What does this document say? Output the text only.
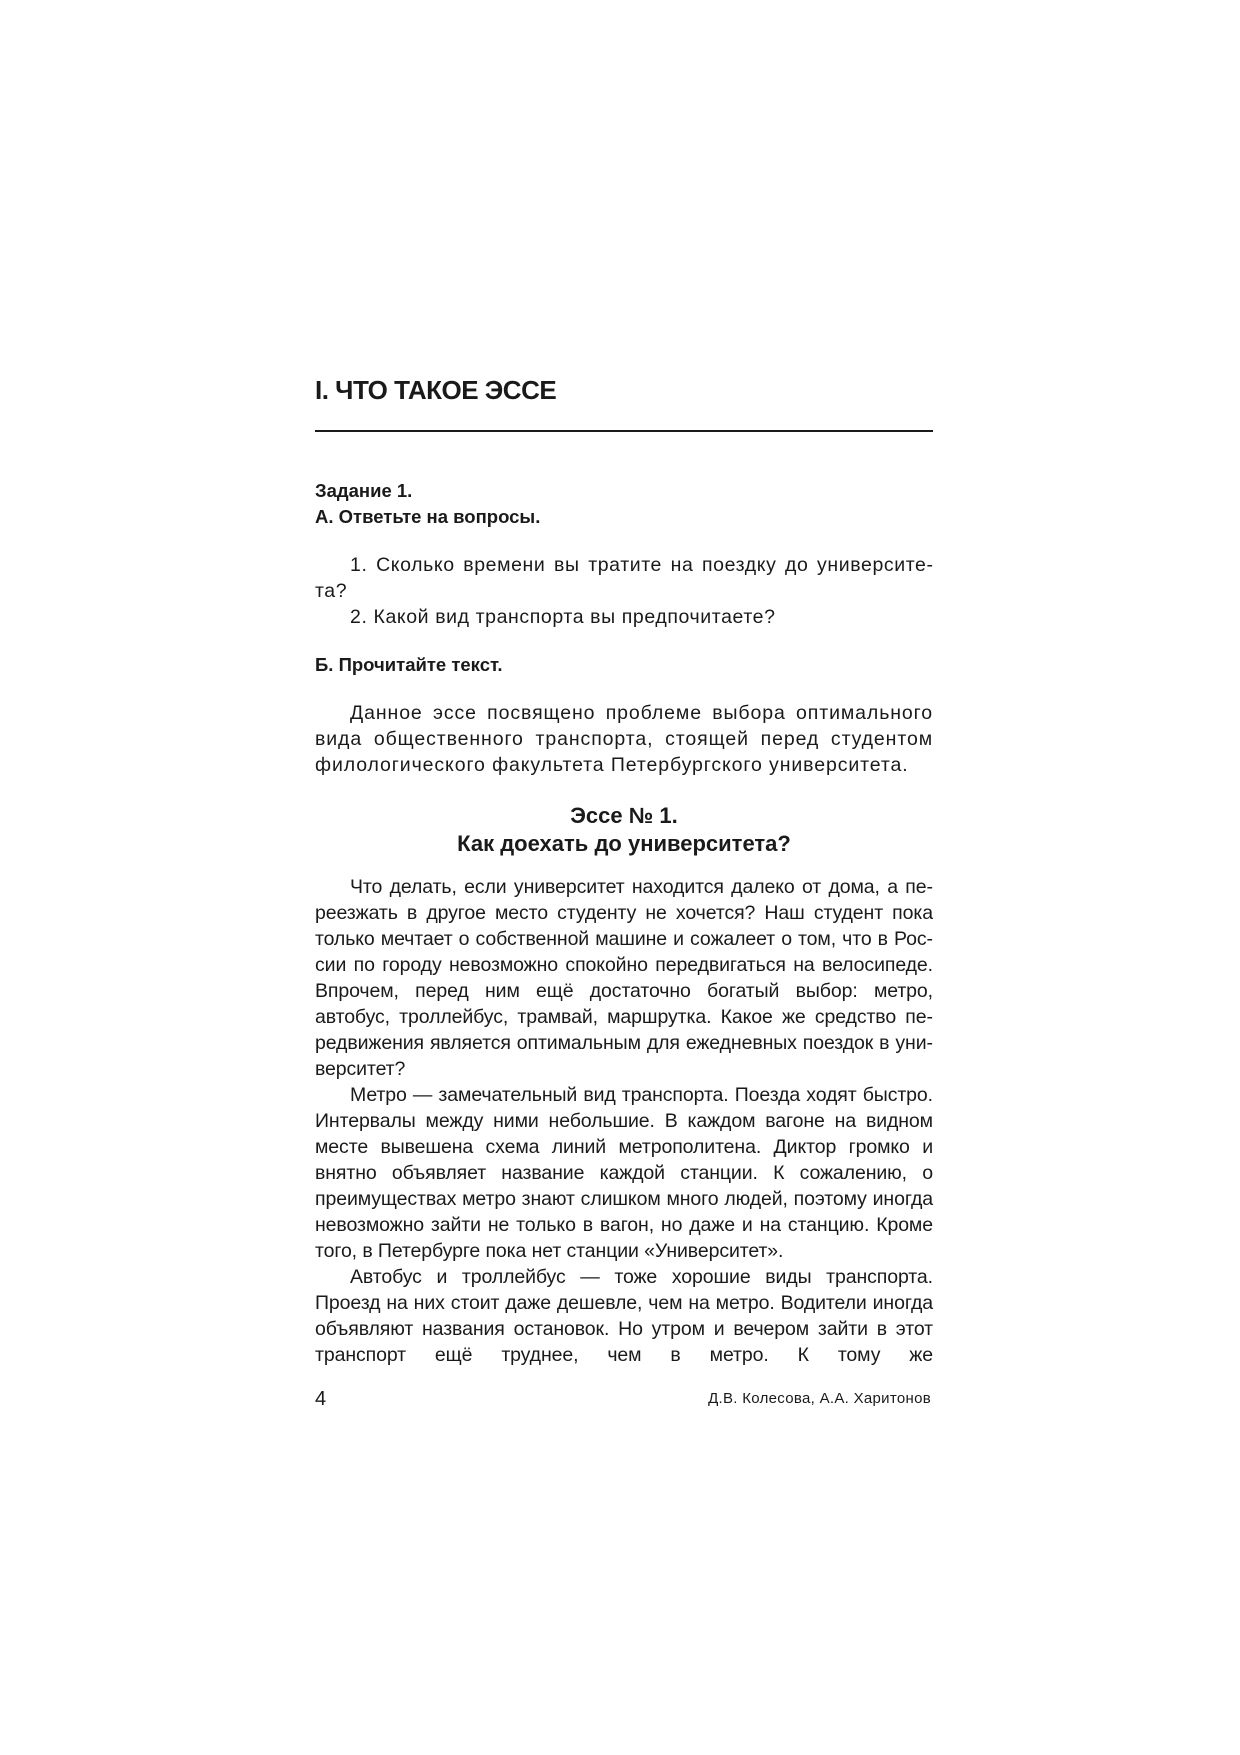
I. ЧТО ТАКОЕ ЭССЕ

Задание 1.

А. Ответьте на вопросы.

1. Сколько времени вы тратите на поездку до университета?
2. Какой вид транспорта вы предпочитаете?

Б. Прочитайте текст.

Данное эссе посвящено проблеме выбора оптимального вида общественного транспорта, стоящей перед студентом филологического факультета Петербургского университета.

Эссе № 1.
Как доехать до университета?

Что делать, если университет находится далеко от дома, а переезжать в другое место студенту не хочется? Наш студент пока только мечтает о собственной машине и сожалеет о том, что в России по городу невозможно спокойно передвигаться на велосипеде. Впрочем, перед ним ещё достаточно богатый выбор: метро, автобус, троллейбус, трамвай, маршрутка. Какое же средство передвижения является оптимальным для ежедневных поездок в университет?

Метро — замечательный вид транспорта. Поезда ходят быстро. Интервалы между ними небольшие. В каждом вагоне на видном месте вывешена схема линий метрополитена. Диктор громко и внятно объявляет название каждой станции. К сожалению, о преимуществах метро знают слишком много людей, поэтому иногда невозможно зайти не только в вагон, но даже и на станцию. Кроме того, в Петербурге пока нет станции «Университет».

Автобус и троллейбус — тоже хорошие виды транспорта. Проезд на них стоит даже дешевле, чем на метро. Водители иногда объявляют названия остановок. Но утром и вечером зайти в этот транспорт ещё труднее, чем в метро. К тому же

4	Д.В. Колесова, А.А. Харитонов
